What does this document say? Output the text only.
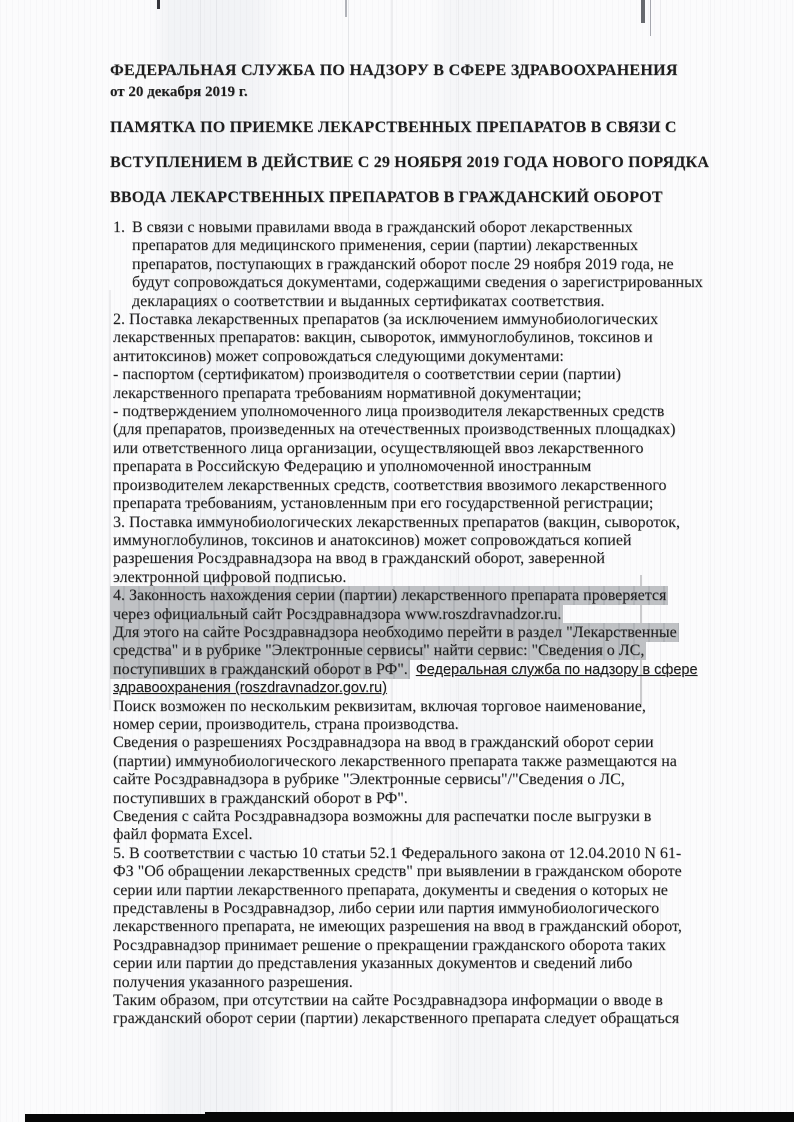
ФЕДЕРАЛЬНАЯ СЛУЖБА ПО НАДЗОРУ В СФЕРЕ ЗДРАВООХРАНЕНИЯ
от 20 декабря 2019 г.
ПАМЯТКА ПО ПРИЕМКЕ ЛЕКАРСТВЕННЫХ ПРЕПАРАТОВ В СВЯЗИ С
ВСТУПЛЕНИЕМ В ДЕЙСТВИЕ С 29 НОЯБРЯ 2019 ГОДА НОВОГО ПОРЯДКА
ВВОДА ЛЕКАРСТВЕННЫХ ПРЕПАРАТОВ В ГРАЖДАНСКИЙ ОБОРОТ
1. В связи с новыми правилами ввода в гражданский оборот лекарственных
препаратов для медицинского применения, серии (партии) лекарственных
препаратов, поступающих в гражданский оборот после 29 ноября 2019 года, не
будут сопровождаться документами, содержащими сведения о зарегистрированных
декларациях о соответствии и выданных сертификатах соответствия.
2. Поставка лекарственных препаратов (за исключением иммунобиологических
лекарственных препаратов: вакцин, сывороток, иммуноглобулинов, токсинов и
антитоксинов) может сопровождаться следующими документами:
- паспортом (сертификатом) производителя о соответствии серии (партии)
лекарственного препарата требованиям нормативной документации;
- подтверждением уполномоченного лица производителя лекарственных средств
(для препаратов, произведенных на отечественных производственных площадках)
или ответственного лица организации, осуществляющей ввоз лекарственного
препарата в Российскую Федерацию и уполномоченной иностранным
производителем лекарственных средств, соответствия ввозимого лекарственного
препарата требованиям, установленным при его государственной регистрации;
3. Поставка иммунобиологических лекарственных препаратов (вакцин, сывороток,
иммуноглобулинов, токсинов и анатоксинов) может сопровождаться копией
разрешения Росздравнадзора на ввод в гражданский оборот, заверенной
электронной цифровой подписью.
4. Законность нахождения серии (партии) лекарственного препарата проверяется
через официальный сайт Росздравнадзора www.roszdravnadzor.ru.
Для этого на сайте Росздравнадзора необходимо перейти в раздел "Лекарственные
средства" и в рубрике "Электронные сервисы" найти сервис: "Сведения о ЛС,
поступивших в гражданский оборот в РФ". Федеральная служба по надзору в сфере
здравоохранения (roszdravnadzor.gov.ru)
Поиск возможен по нескольким реквизитам, включая торговое наименование,
номер серии, производитель, страна производства.
Сведения о разрешениях Росздравнадзора на ввод в гражданский оборот серии
(партии) иммунобиологического лекарственного препарата также размещаются на
сайте Росздравнадзора в рубрике "Электронные сервисы"/"Сведения о ЛС,
поступивших в гражданский оборот в РФ".
Сведения с сайта Росздравнадзора возможны для распечатки после выгрузки в
файл формата Excel.
5. В соответствии с частью 10 статьи 52.1 Федерального закона от 12.04.2010 N 61-
ФЗ "Об обращении лекарственных средств" при выявлении в гражданском обороте
серии или партии лекарственного препарата, документы и сведения о которых не
представлены в Росздравнадзор, либо серии или партия иммунобиологического
лекарственного препарата, не имеющих разрешения на ввод в гражданский оборот,
Росздравнадзор принимает решение о прекращении гражданского оборота таких
серии или партии до представления указанных документов и сведений либо
получения указанного разрешения.
Таким образом, при отсутствии на сайте Росздравнадзора информации о вводе в
гражданский оборот серии (партии) лекарственного препарата следует обращаться
